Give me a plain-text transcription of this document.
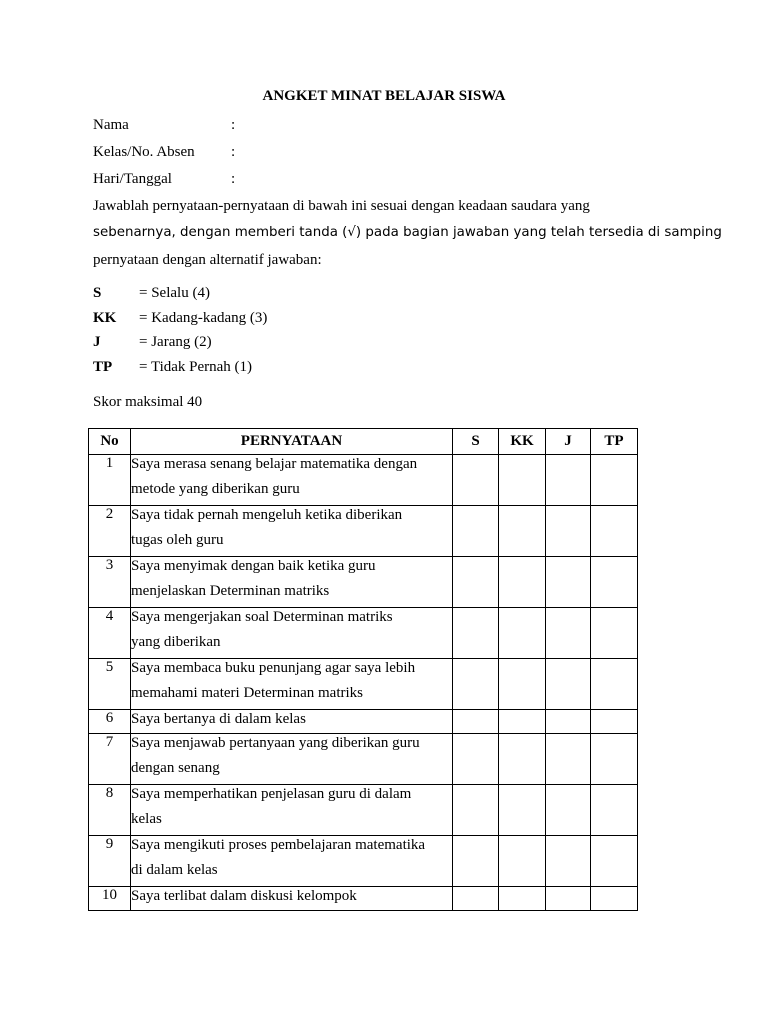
ANGKET MINAT BELAJAR SISWA
Nama	:
Kelas/No. Absen :
Hari/Tanggal	:
Jawablah pernyataan-pernyataan di bawah ini sesuai dengan keadaan saudara yang
sebenarnya, dengan memberi tanda (√) pada bagian jawaban yang telah tersedia di samping
pernyataan dengan alternatif jawaban:
S	= Selalu (4)
KK = Kadang-kadang (3)
J	= Jarang (2)
TP = Tidak Pernah (1)
Skor maksimal 40
No	PERNYATAAN	S	KK	J	TP
1	Saya merasa senang belajar matematika dengan
metode yang diberikan guru				

2	Saya tidak pernah mengeluh ketika diberikan
tugas oleh guru				

3	Saya menyimak dengan baik ketika guru
menjelaskan Determinan matriks				

4	Saya mengerjakan soal Determinan matriks
yang diberikan				

5	Saya membaca buku penunjang agar saya lebih
memahami materi Determinan matriks				

6	Saya bertanya di dalam kelas				
7	Saya menjawab pertanyaan yang diberikan guru
dengan senang				

8	Saya memperhatikan penjelasan guru di dalam
kelas				

9	Saya mengikuti proses pembelajaran matematika
di dalam kelas				

10	Saya terlibat dalam diskusi kelompok				
